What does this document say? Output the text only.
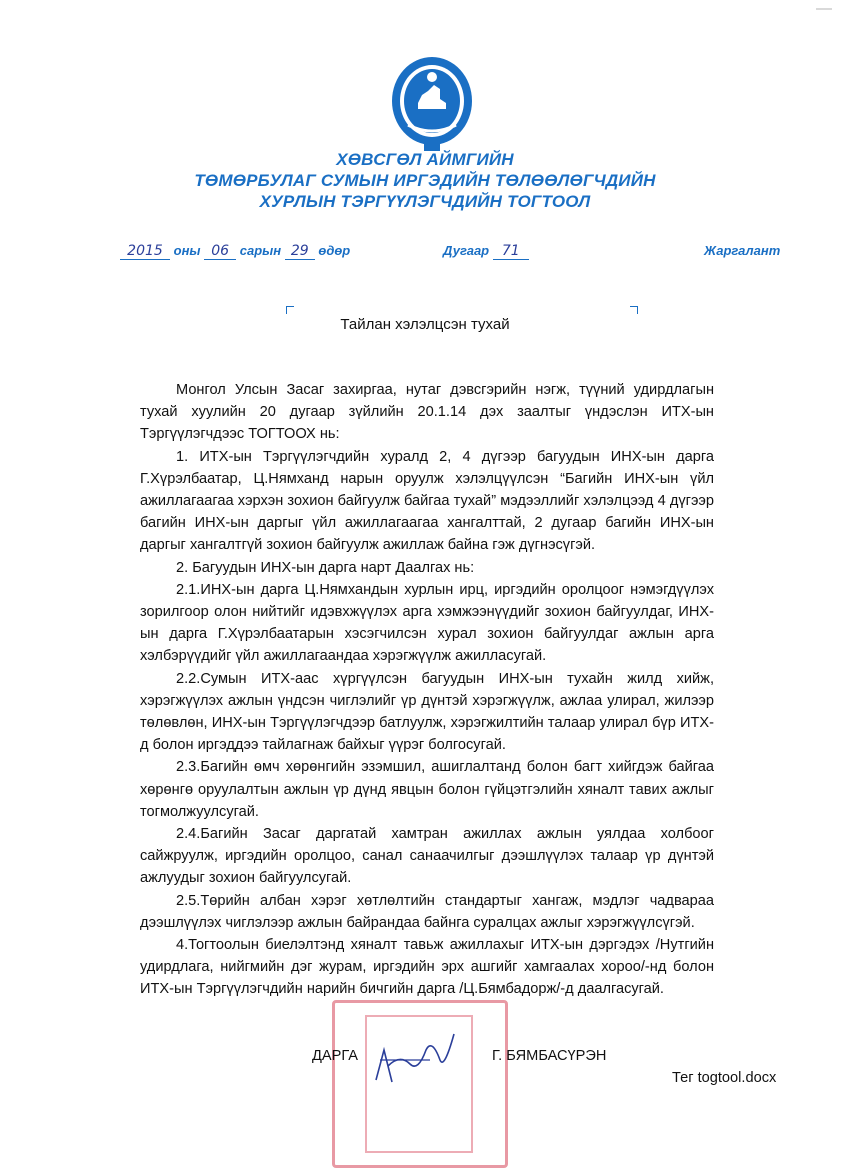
ХӨВСГӨЛ АЙМГИЙН
ТӨМӨРБУЛАГ СУМЫН ИРГЭДИЙН ТӨЛӨӨЛӨГЧДИЙН
ХУРЛЫН ТЭРГҮҮЛЭГЧДИЙН ТОГТООЛ
2015 оны 06 сарын 29 өдөр	Дугаар 71	Жаргалант
Тайлан хэлэлцсэн тухай

Монгол Улсын Засаг захиргаа, нутаг дэвсгэрийн нэгж, түүний удирдлагын тухай хуулийн 20 дугаар зүйлийн 20.1.14 дэх заалтыг үндэслэн ИТХ-ын Тэргүүлэгчдээс ТОГТООХ нь:

1. ИТХ-ын Тэргүүлэгчдийн хуралд 2, 4 дүгээр багуудын ИНХ-ын дарга Г.Хүрэлбаатар, Ц.Нямханд нарын оруулж хэлэлцүүлсэн “Багийн ИНХ-ын үйл ажиллагаагаа хэрхэн зохион байгуулж байгаа тухай” мэдээллийг хэлэлцээд 4 дүгээр багийн ИНХ-ын даргыг үйл ажиллагаагаа хангалттай, 2 дугаар багийн ИНХ-ын даргыг хангалтгүй зохион байгуулж ажиллаж байна гэж дүгнэсүгэй.

2. Багуудын ИНХ-ын дарга нарт Даалгах нь:

2.1.ИНХ-ын дарга Ц.Нямхандын хурлын ирц, иргэдийн оролцоог нэмэгдүүлэх зорилгоор олон нийтийг идэвхжүүлэх арга хэмжээнүүдийг зохион байгуулдаг, ИНХ-ын дарга Г.Хүрэлбаатарын хэсэгчилсэн хурал зохион байгуулдаг ажлын арга хэлбэрүүдийг үйл ажиллагаандаа хэрэгжүүлж ажилласугай.

2.2.Сумын ИТХ-аас хүргүүлсэн багуудын ИНХ-ын тухайн жилд хийж, хэрэгжүүлэх ажлын үндсэн чиглэлийг үр дүнтэй хэрэгжүүлж, ажлаа улирал, жилээр төлөвлөн, ИНХ-ын Тэргүүлэгчдээр батлуулж, хэрэгжилтийн талаар улирал бүр ИТХ-д болон иргэддээ тайлагнаж байхыг үүрэг болгосугай.

2.3.Багийн өмч хөрөнгийн эзэмшил, ашиглалтанд болон багт хийгдэж байгаа хөрөнгө оруулалтын ажлын үр дүнд явцын болон гүйцэтгэлийн хяналт тавих ажлыг тогмолжуулсугай.

2.4.Багийн Засаг даргатай хамтран ажиллах ажлын уялдаа холбоог сайжруулж, иргэдийн оролцоо, санал санаачилгыг дээшлүүлэх талаар үр дүнтэй ажлуудыг зохион байгуулсугай.

2.5.Төрийн албан хэрэг хөтлөлтийн стандартыг хангаж, мэдлэг чадвараа дээшлүүлэх чиглэлээр ажлын байрандаа байнга суралцах ажлыг хэрэгжүүлсүгэй.

4.Тогтоолын биелэлтэнд хяналт тавьж ажиллахыг ИТХ-ын дэргэдэх /Нутгийн удирдлага, нийгмийн дэг журам, иргэдийн эрх ашгийг хамгаалах хороо/-нд болон ИТХ-ын Тэргүүлэгчдийн нарийн бичгийн дарга /Ц.Бямбадорж/-д даалгасугай.

ДАРГА	Г. БЯМБАСҮРЭН
Тег togtool.docx
